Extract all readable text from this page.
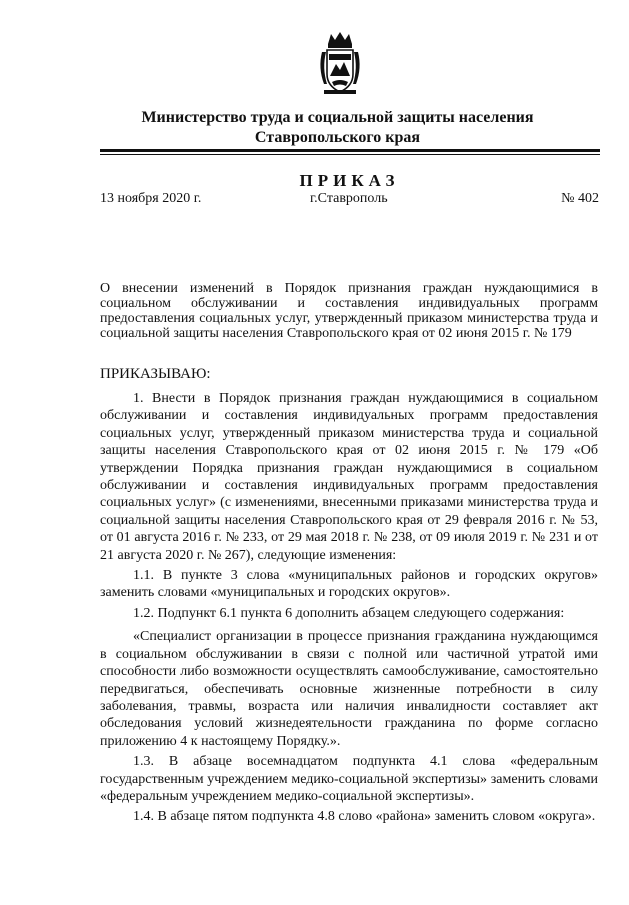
Министерство труда и социальной защиты населения
Ставропольского края
ПРИКАЗ
13 ноября 2020 г.	г.Ставрополь	№ 402
О внесении изменений в Порядок признания граждан нуждающимися в социальном обслуживании и составления индивидуальных программ предоставления социальных услуг, утвержденный приказом министерства труда и социальной защиты населения Ставропольского края от 02 июня 2015 г. № 179
ПРИКАЗЫВАЮ:

1. Внести в Порядок признания граждан нуждающимися в социальном обслуживании и составления индивидуальных программ предоставления социальных услуг, утвержденный приказом министерства труда и социальной защиты населения Ставропольского края от 02 июня 2015 г. № 179 «Об утверждении Порядка признания граждан нуждающимися в социальном обслуживании и составления индивидуальных программ предоставления социальных услуг» (с изменениями, внесенными приказами министерства труда и социальной защиты населения Ставропольского края от 29 февраля 2016 г. № 53, от 01 августа 2016 г. № 233, от 29 мая 2018 г. № 238, от 09 июля 2019 г. № 231 и от 21 августа 2020 г. № 267), следующие изменения:

1.1. В пункте 3 слова «муниципальных районов и городских округов» заменить словами «муниципальных и городских округов».

1.2. Подпункт 6.1 пункта 6 дополнить абзацем следующего содержания:

«Специалист организации в процессе признания гражданина нуждающимся в социальном обслуживании в связи с полной или частичной утратой ими способности либо возможности осуществлять самообслуживание, самостоятельно передвигаться, обеспечивать основные жизненные потребности в силу заболевания, травмы, возраста или наличия инвалидности составляет акт обследования условий жизнедеятельности гражданина по форме согласно приложению 4 к настоящему Порядку.».

1.3. В абзаце восемнадцатом подпункта 4.1 слова «федеральным государственным учреждением медико-социальной экспертизы» заменить словами «федеральным учреждением медико-социальной экспертизы».

1.4. В абзаце пятом подпункта 4.8 слово «района» заменить словом «округа».
